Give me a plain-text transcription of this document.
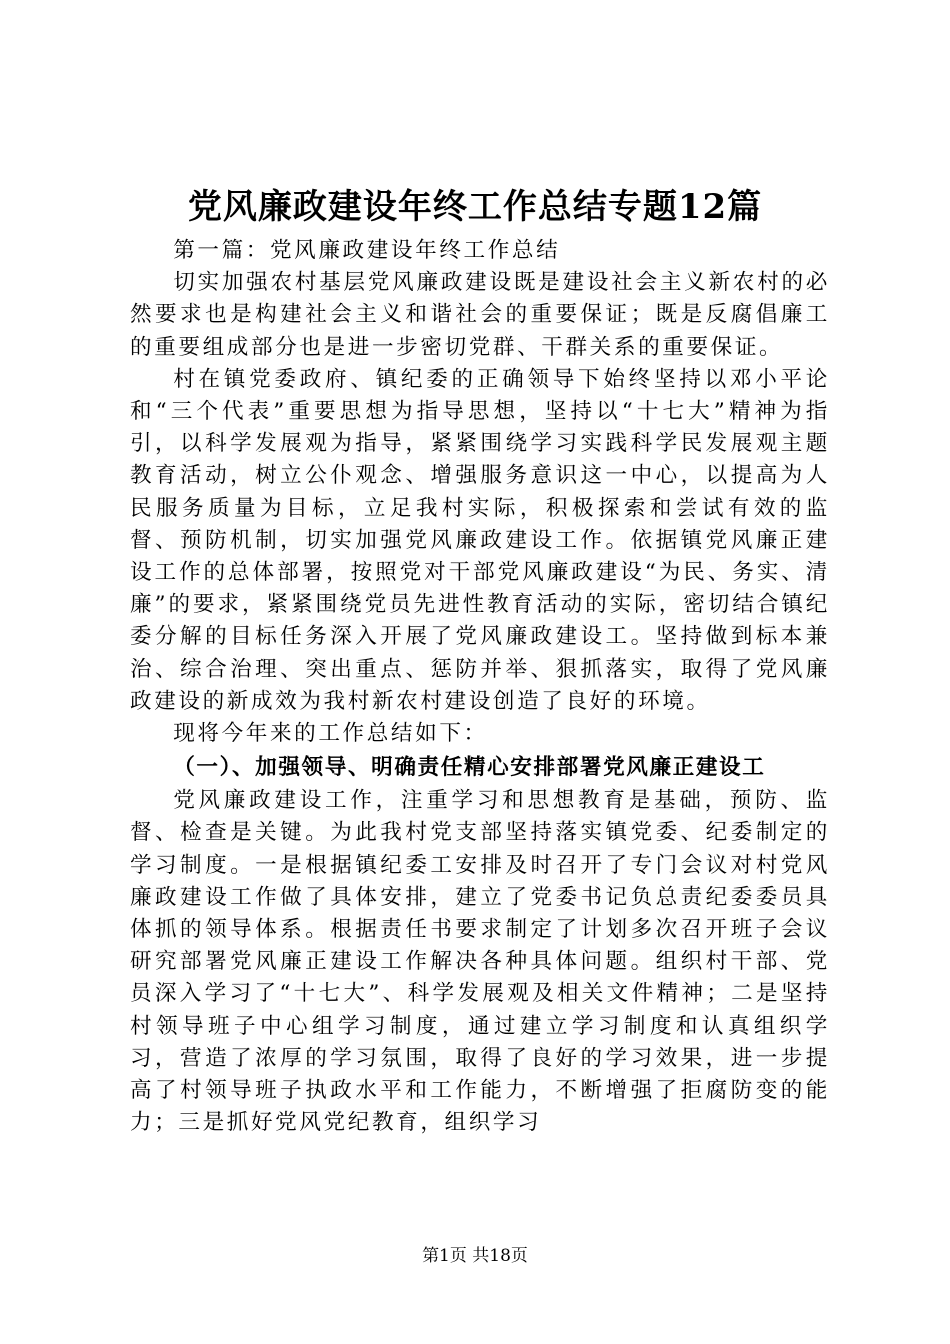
党风廉政建设年终工作总结专题12篇

第一篇：党风廉政建设年终工作总结

切实加强农村基层党风廉政建设既是建设社会主义新农村的必然要求也是构建社会主义和谐社会的重要保证；既是反腐倡廉工的重要组成部分也是进一步密切党群、干群关系的重要保证。

村在镇党委政府、镇纪委的正确领导下始终坚持以邓小平论和“三个代表”重要思想为指导思想，坚持以“十七大”精神为指引，以科学发展观为指导，紧紧围绕学习实践科学民发展观主题教育活动，树立公仆观念、增强服务意识这一中心，以提高为人民服务质量为目标，立足我村实际，积极探索和尝试有效的监督、预防机制，切实加强党风廉政建设工作。依据镇党风廉正建设工作的总体部署，按照党对干部党风廉政建设“为民、务实、清廉”的要求，紧紧围绕党员先进性教育活动的实际，密切结合镇纪委分解的目标任务深入开展了党风廉政建设工。坚持做到标本兼治、综合治理、突出重点、惩防并举、狠抓落实，取得了党风廉政建设的新成效为我村新农村建设创造了良好的环境。

现将今年来的工作总结如下：

（一）、加强领导、明确责任精心安排部署党风廉正建设工

党风廉政建设工作，注重学习和思想教育是基础，预防、监督、检查是关键。为此我村党支部坚持落实镇党委、纪委制定的学习制度。一是根据镇纪委工安排及时召开了专门会议对村党风廉政建设工作做了具体安排，建立了党委书记负总责纪委委员具体抓的领导体系。根据责任书要求制定了计划多次召开班子会议研究部署党风廉正建设工作解决各种具体问题。组织村干部、党员深入学习了“十七大”、科学发展观及相关文件精神；二是坚持村领导班子中心组学习制度，通过建立学习制度和认真组织学习，营造了浓厚的学习氛围，取得了良好的学习效果，进一步提高了村领导班子执政水平和工作能力，不断增强了拒腐防变的能力；三是抓好党风党纪教育，组织学习

第1页 共18页
